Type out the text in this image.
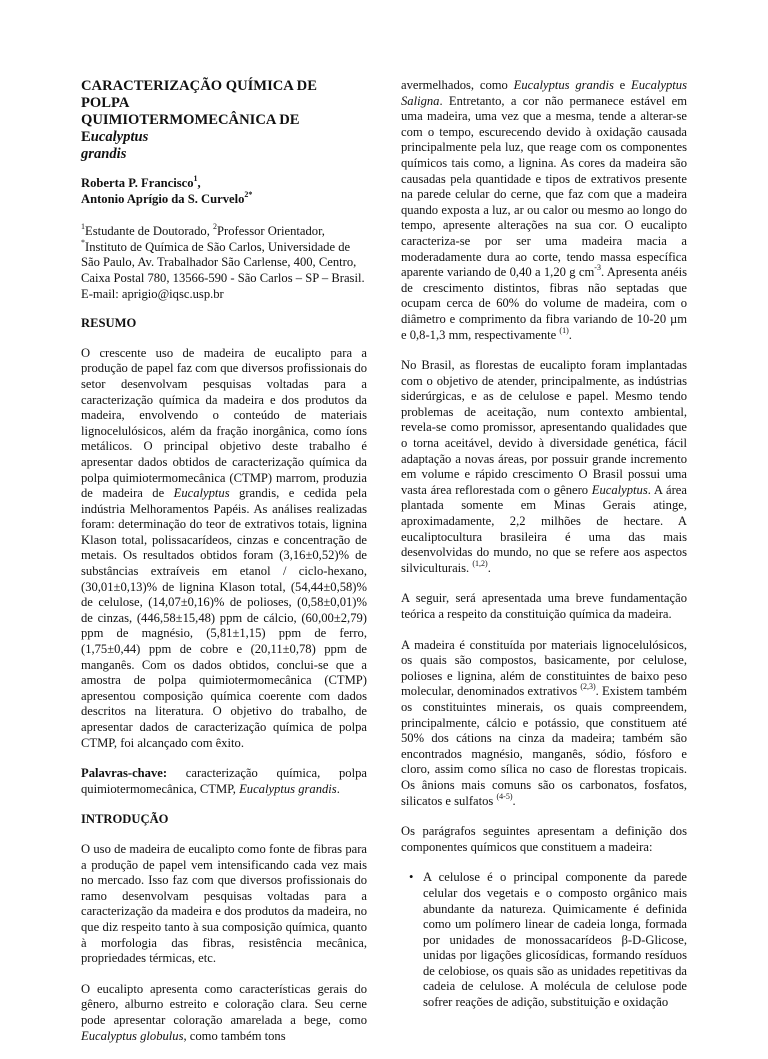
CARACTERIZAÇÃO QUÍMICA DE POLPA
QUIMIOTERMOMECÂNICA DE Eucalyptus
grandis
Roberta P. Francisco$^1$,
Antonio Aprígio da S. Curvelo$^{2*}$
$^1$Estudante de Doutorado, $^2$Professor Orientador,
*Instituto de Química de São Carlos, Universidade de São Paulo, Av. Trabalhador São Carlense, 400, Centro, Caixa Postal 780, 13566-590 - São Carlos – SP – Brasil. E-mail: aprigio@iqsc.usp.br
RESUMO

O crescente uso de madeira de eucalipto para a produção de papel faz com que diversos profissionais do setor desenvolvam pesquisas voltadas para a caracterização química da madeira e dos produtos da madeira, envolvendo o conteúdo de materiais lignocelulósicos, além da fração inorgânica, como íons metálicos. O principal objetivo deste trabalho é apresentar dados obtidos de caracterização química da polpa quimiotermomecânica (CTMP) marrom, produzia de madeira de Eucalyptus grandis, e cedida pela indústria Melhoramentos Papéis. As análises realizadas foram: determinação do teor de extrativos totais, lignina Klason total, polissacarídeos, cinzas e concentração de metais. Os resultados obtidos foram (3,16±0,52)% de substâncias extraíveis em etanol / ciclo-hexano, (30,01±0,13)% de lignina Klason total, (54,44±0,58)% de celulose, (14,07±0,16)% de polioses, (0,58±0,01)% de cinzas, (446,58±15,48) ppm de cálcio, (60,00±2,79) ppm de magnésio, (5,81±1,15) ppm de ferro, (1,75±0,44) ppm de cobre e (20,11±0,78) ppm de manganês. Com os dados obtidos, conclui-se que a amostra de polpa quimiotermomecânica (CTMP) apresentou composição química coerente com dados descritos na literatura. O objetivo do trabalho, de apresentar dados de caracterização química de polpa CTMP, foi alcançado com êxito.

Palavras-chave: caracterização química, polpa quimiotermomecânica, CTMP, Eucalyptus grandis.

INTRODUÇÃO

O uso de madeira de eucalipto como fonte de fibras para a produção de papel vem intensificando cada vez mais no mercado. Isso faz com que diversos profissionais do ramo desenvolvam pesquisas voltadas para a caracterização da madeira e dos produtos da madeira, no que diz respeito tanto à sua composição química, quanto à morfologia das fibras, resistência mecânica, propriedades térmicas, etc.

O eucalipto apresenta como características gerais do gênero, alburno estreito e coloração clara. Seu cerne pode apresentar coloração amarelada a bege, como Eucalyptus globulus, como também tons

avermelhados, como Eucalyptus grandis e Eucalyptus Saligna. Entretanto, a cor não permanece estável em uma madeira, uma vez que a mesma, tende a alterar-se com o tempo, escurecendo devido à oxidação causada principalmente pela luz, que reage com os componentes químicos tais como, a lignina. As cores da madeira são causadas pela quantidade e tipos de extrativos presente na parede celular do cerne, que faz com que a madeira quando exposta a luz, ar ou calor ou mesmo ao longo do tempo, apresente alterações na sua cor. O eucalipto caracteriza-se por ser uma madeira macia a moderadamente dura ao corte, tendo massa específica aparente variando de 0,40 a 1,20 g $cm^{-3}$. Apresenta anéis de crescimento distintos, fibras não septadas que ocupam cerca de 60% do volume de madeira, com o diâmetro e comprimento da fibra variando de 10-20 µm e 0,8-1,3 mm, respectivamente $^{(1)}$.

No Brasil, as florestas de eucalipto foram implantadas com o objetivo de atender, principalmente, as indústrias siderúrgicas, e as de celulose e papel. Mesmo tendo problemas de aceitação, num contexto ambiental, revela-se como promissor, apresentando qualidades que o torna aceitável, devido à diversidade genética, fácil adaptação a novas áreas, por possuir grande incremento em volume e rápido crescimento O Brasil possui uma vasta área reflorestada com o gênero Eucalyptus. A área plantada somente em Minas Gerais atinge, aproximadamente, 2,2 milhões de hectare. A eucaliptocultura brasileira é uma das mais desenvolvidas do mundo, no que se refere aos aspectos silviculturais. $^{(1,2)}$.

A seguir, será apresentada uma breve fundamentação teórica a respeito da constituição química da madeira.

A madeira é constituída por materiais lignocelulósicos, os quais são compostos, basicamente, por celulose, polioses e lignina, além de constituintes de baixo peso molecular, denominados extrativos $^{(2,3)}$. Existem também os constituintes minerais, os quais compreendem, principalmente, cálcio e potássio, que constituem até 50% dos cátions na cinza da madeira; também são encontrados magnésio, manganês, sódio, fósforo e cloro, assim como sílica no caso de florestas tropicais. Os ânions mais comuns são os carbonatos, fosfatos, silicatos e sulfatos $^{(4-5)}$.

Os parágrafos seguintes apresentam a definição dos componentes químicos que constituem a madeira:

• A celulose é o principal componente da parede celular dos vegetais e o composto orgânico mais abundante da natureza. Quimicamente é definida como um polímero linear de cadeia longa, formada por unidades de monossacarídeos β-D-Glicose, unidas por ligações glicosídicas, formando resíduos de celobiose, os quais são as unidades repetitivas da cadeia de celulose. A molécula de celulose pode sofrer reações de adição, substituição e oxidação
